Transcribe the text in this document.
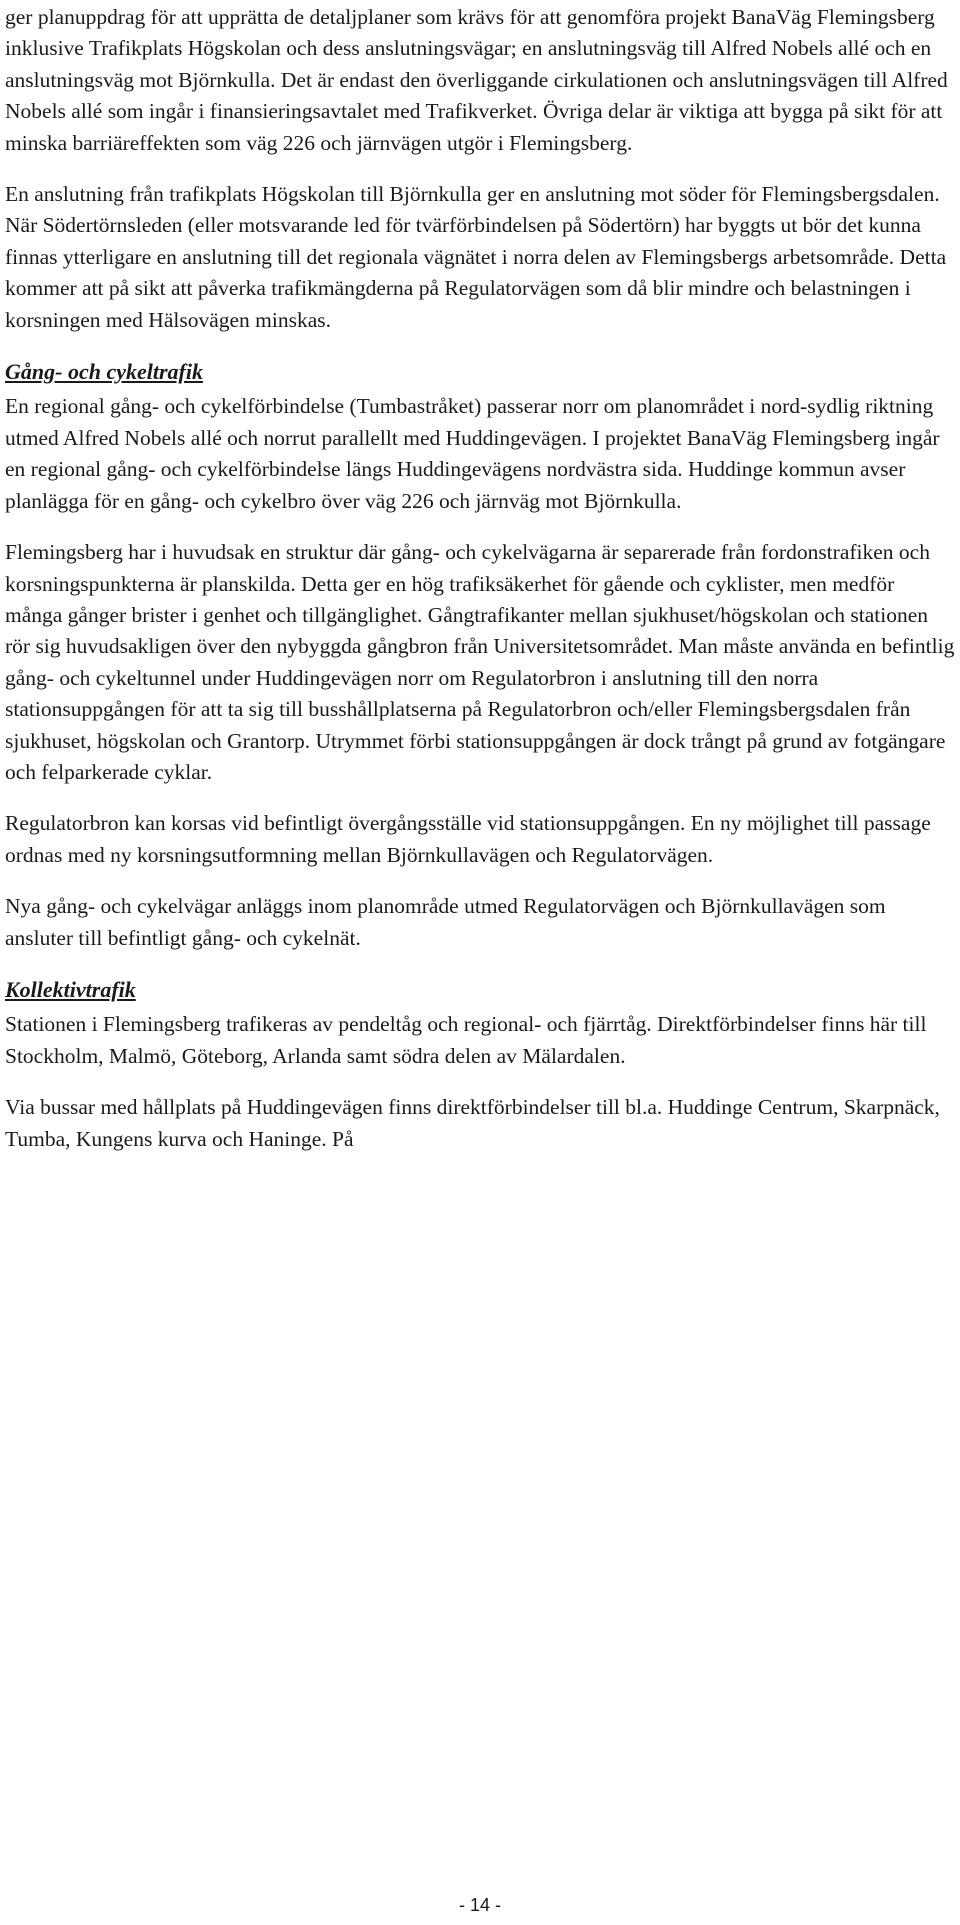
ger planuppdrag för att upprätta de detaljplaner som krävs för att genomföra projekt BanaVäg Flemingsberg inklusive Trafikplats Högskolan och dess anslutningsvägar; en anslutningsväg till Alfred Nobels allé och en anslutningsväg mot Björnkulla. Det är endast den överliggande cirkulationen och anslutningsvägen till Alfred Nobels allé som ingår i finansieringsavtalet med Trafikverket. Övriga delar är viktiga att bygga på sikt för att minska barriäreffekten som väg 226 och järnvägen utgör i Flemingsberg.

En anslutning från trafikplats Högskolan till Björnkulla ger en anslutning mot söder för Flemingsbergsdalen. När Södertörnsleden (eller motsvarande led för tvärförbindelsen på Södertörn) har byggts ut bör det kunna finnas ytterligare en anslutning till det regionala vägnätet i norra delen av Flemingsbergs arbetsområde. Detta kommer att på sikt att påverka trafikmängderna på Regulatorvägen som då blir mindre och belastningen i korsningen med Hälsovägen minskas.

Gång- och cykeltrafik

En regional gång- och cykelförbindelse (Tumbastråket) passerar norr om planområdet i nord-sydlig riktning utmed Alfred Nobels allé och norrut parallellt med Huddingevägen. I projektet BanaVäg Flemingsberg ingår en regional gång- och cykelförbindelse längs Huddingevägens nordvästra sida. Huddinge kommun avser planlägga för en gång- och cykelbro över väg 226 och järnväg mot Björnkulla.

Flemingsberg har i huvudsak en struktur där gång- och cykelvägarna är separerade från fordonstrafiken och korsningspunkterna är planskilda. Detta ger en hög trafiksäkerhet för gående och cyklister, men medför många gånger brister i genhet och tillgänglighet. Gångtrafikanter mellan sjukhuset/högskolan och stationen rör sig huvudsakligen över den nybyggda gångbron från Universitetsområdet. Man måste använda en befintlig gång- och cykeltunnel under Huddingevägen norr om Regulatorbron i anslutning till den norra stationsuppgången för att ta sig till busshållplatserna på Regulatorbron och/eller Flemingsbergsdalen från sjukhuset, högskolan och Grantorp. Utrymmet förbi stationsuppgången är dock trångt på grund av fotgängare och felparkerade cyklar.

Regulatorbron kan korsas vid befintligt övergångsställe vid stationsuppgången. En ny möjlighet till passage ordnas med ny korsningsutformning mellan Björnkullavägen och Regulatorvägen.

Nya gång- och cykelvägar anläggs inom planområde utmed Regulatorvägen och Björnkullavägen som ansluter till befintligt gång- och cykelnät.

Kollektivtrafik

Stationen i Flemingsberg trafikeras av pendeltåg och regional- och fjärrtåg. Direktförbindelser finns här till Stockholm, Malmö, Göteborg, Arlanda samt södra delen av Mälardalen.

Via bussar med hållplats på Huddingevägen finns direktförbindelser till bl.a. Huddinge Centrum, Skarpnäck, Tumba, Kungens kurva och Haninge. På

- 14 -
